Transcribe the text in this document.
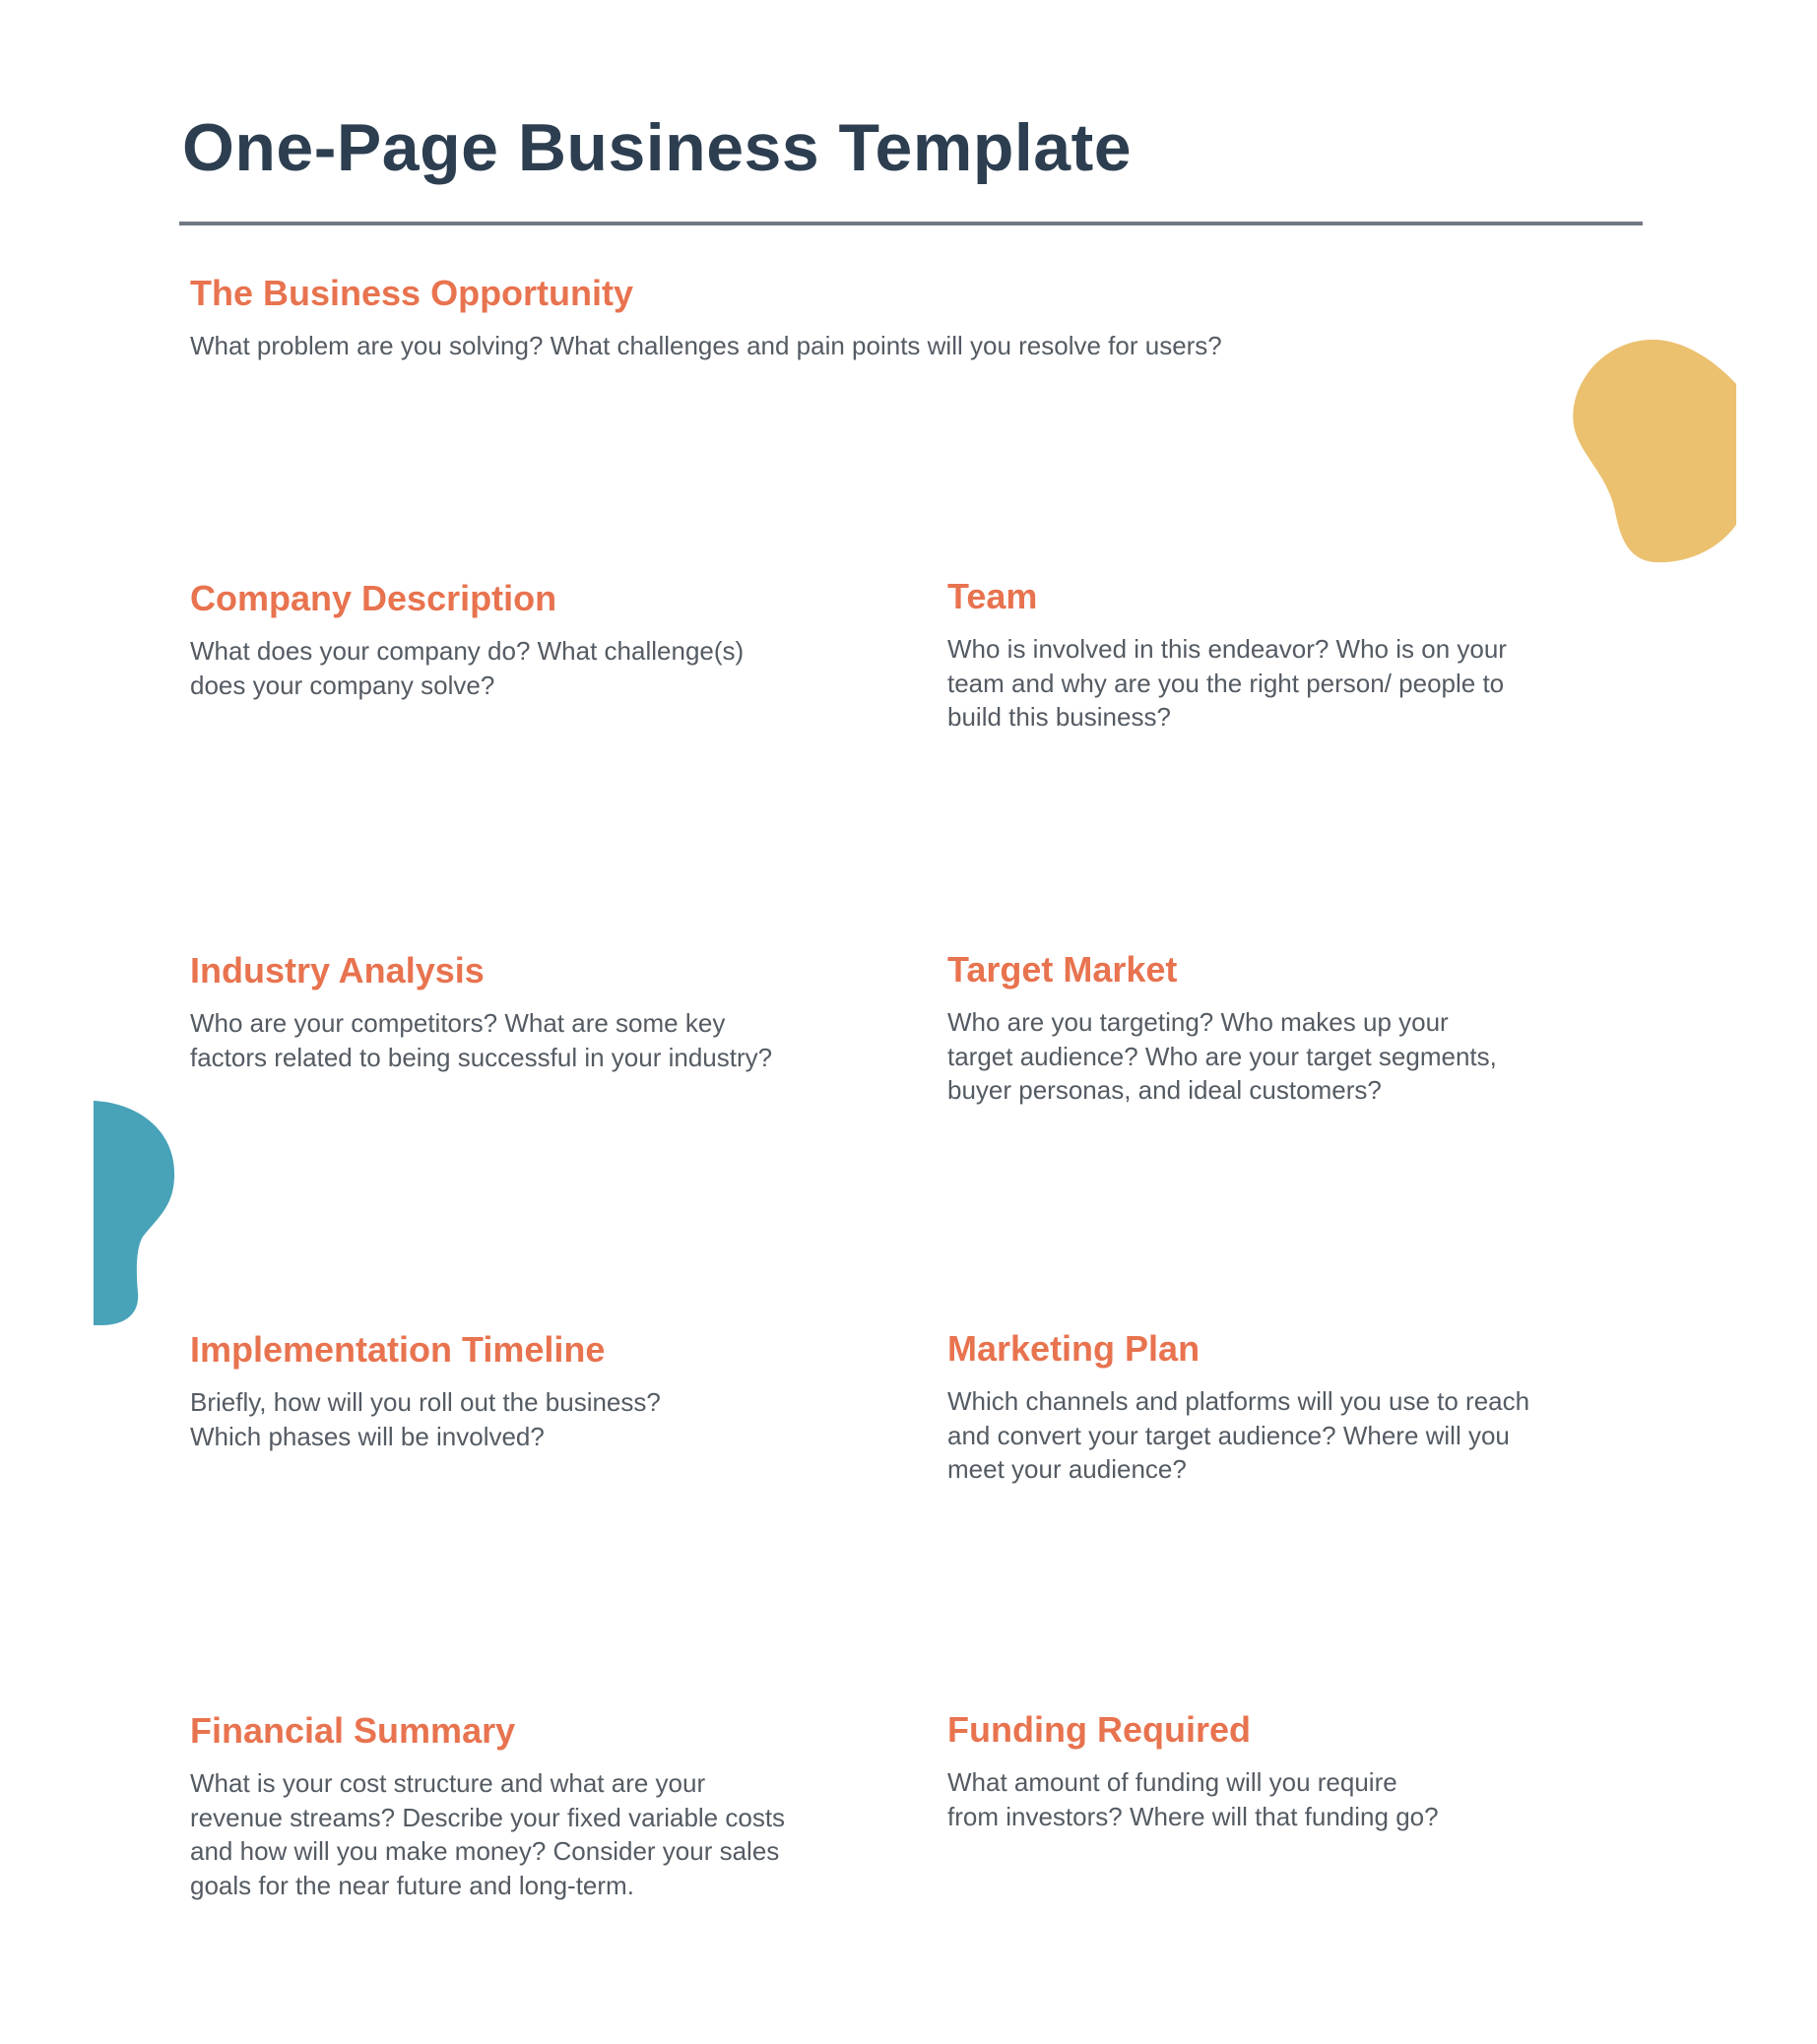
One-Page Business Template
The Business Opportunity

What problem are you solving? What challenges and pain points will you resolve for users?

Company Description

What does your company do? What challenge(s)
does your company solve?

Team

Who is involved in this endeavor? Who is on your
team and why are you the right person/ people to
build this business?

Industry Analysis

Who are your competitors? What are some key
factors related to being successful in your industry?

Target Market

Who are you targeting? Who makes up your
target audience? Who are your target segments,
buyer personas, and ideal customers?

Implementation Timeline

Briefly, how will you roll out the business?
Which phases will be involved?

Marketing Plan

Which channels and platforms will you use to reach
and convert your target audience? Where will you
meet your audience?

Financial Summary

What is your cost structure and what are your
revenue streams? Describe your fixed variable costs
and how will you make money? Consider your sales
goals for the near future and long-term.

Funding Required

What amount of funding will you require
from investors? Where will that funding go?
